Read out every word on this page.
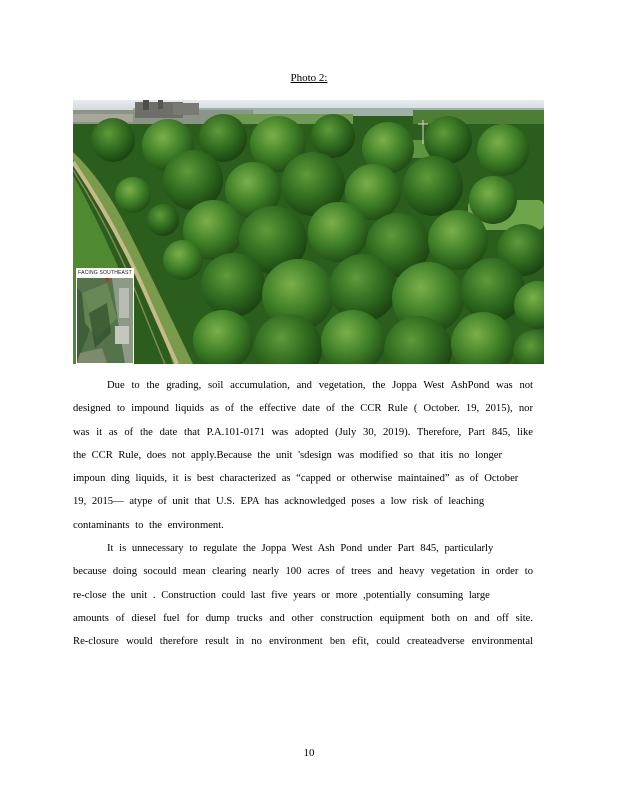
Photo 2:
FACING SOUTHEAST
Due to the grading, soil accumulation, and vegetation, the Joppa West AshPond was not
designed to impound liquids as of the effective date of the CCR Rule ( October. 19, 2015), nor
was it as of the date that P.A.101-0171 was adopted (July 30, 2019). Therefore, Part 845, like
the CCR Rule, does not apply.Because the unit 'sdesign was modified so that itis no longer
impoun ding liquids, it is best characterized as “capped or otherwise maintained” as of October
19, 2015— atype of unit that U.S. EPA has acknowledged poses a low risk of leaching
contaminants to the environment.
It is unnecessary to regulate the Joppa West Ash Pond under Part 845, particularly
because doing socould mean clearing nearly 100 acres of trees and heavy vegetation in order to
re-close the unit . Construction could last five years or more ,potentially consuming large
amounts of diesel fuel for dump trucks and other construction equipment both on and off site.
Re-closure would therefore result in no environment ben efit, could createadverse environmental
10
